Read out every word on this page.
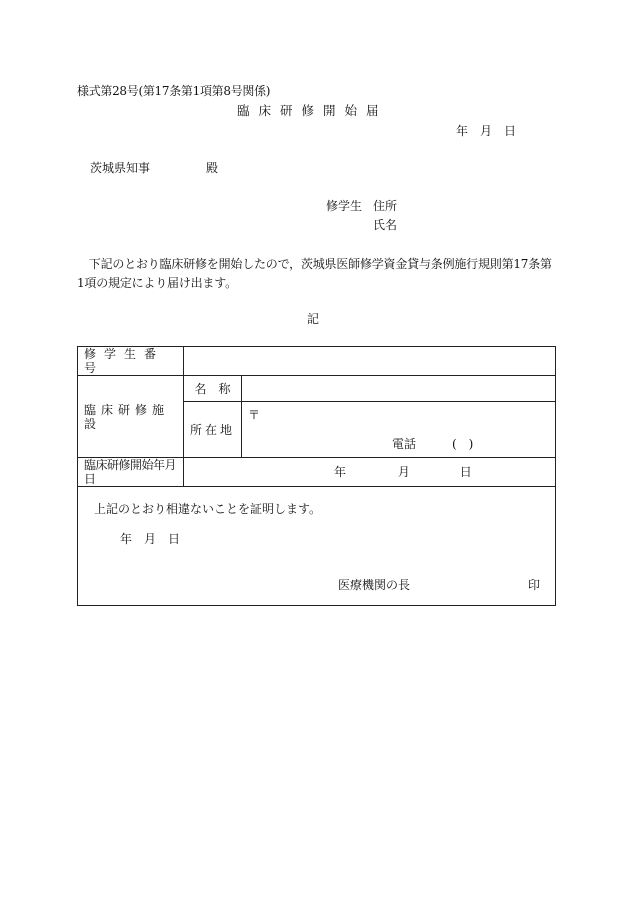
様式第28号(第17条第1項第8号関係)
臨床研修開始届
年　月　日
茨城県知事	殿
修学生 住所
氏名
　下記のとおり臨床研修を開始したので，茨城県医師修学資金貸与条例施行規則第17条第1項の規定により届け出ます。
記
修学生番号		
臨床研修施設	名　称	
	所在地	〒
電話 (　)

臨床研修開始年月日	年 月 日	

上記のとおり相違ないことを証明します。
年　月　日
医療機関の長 印		
